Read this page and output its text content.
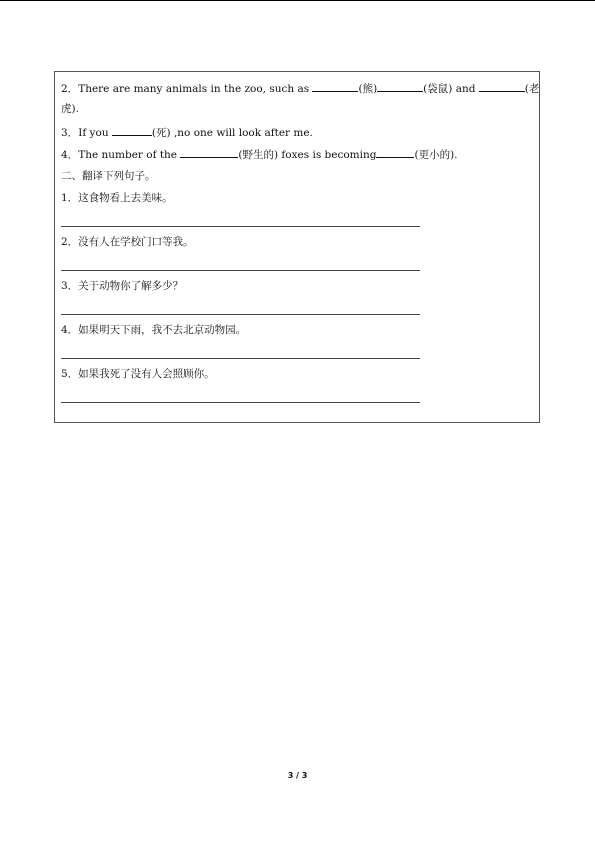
2．There are many animals in the zoo, such as	(熊)	(袋鼠) and	(老
虎).
3．If you	(死) ,no one will look after me.
4．The number of the	(野生的) foxes is becoming	(更小的).
二、翻译下列句子。
1．这食物看上去美味。
2．没有人在学校门口等我。
3．关于动物你了解多少？
4．如果明天下雨，我不去北京动物园。
5．如果我死了没有人会照顾你。
3 / 3
